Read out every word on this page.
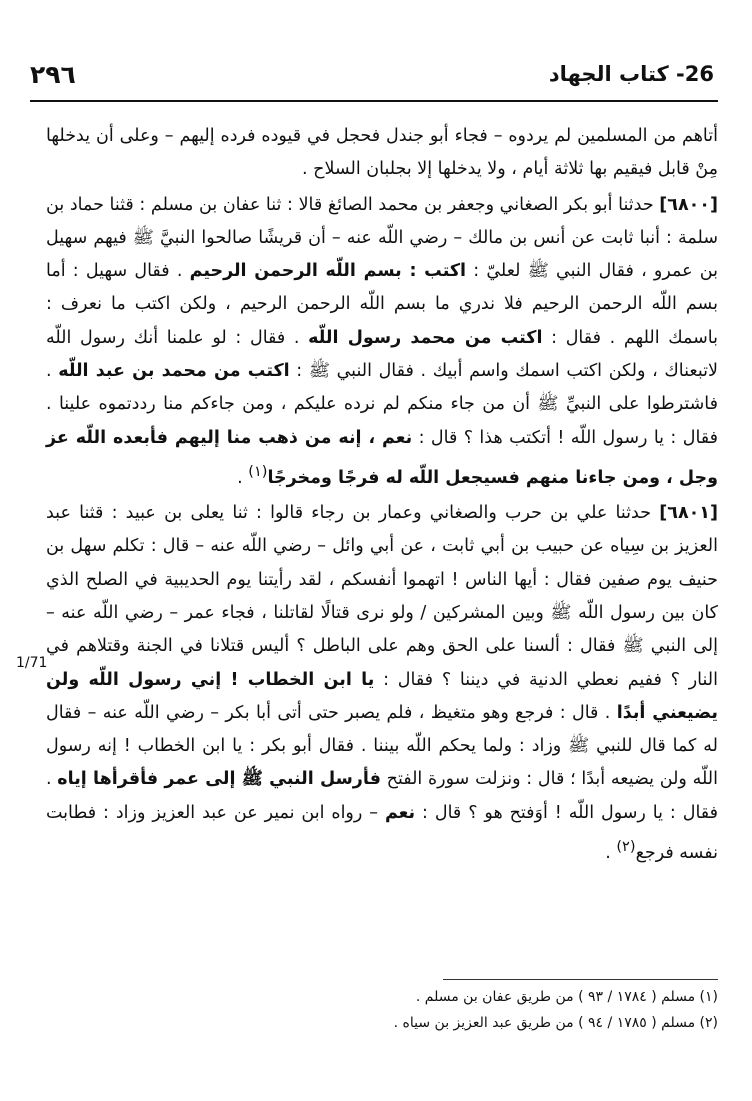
٢٩٦	26- كتاب الجهاد
1/71

أتاهم من المسلمين لم يردوه – فجاء أبو جندل فحجل في قيوده فرده إليهم – وعلى أن يدخلها مِنْ قابل فيقيم بها ثلاثة أيام ، ولا يدخلها إلا بجلبان السلاح .

[٦٨٠٠] حدثنا أبو بكر الصغاني وجعفر بن محمد الصائغ قالا : ثنا عفان بن مسلم : قثنا حماد بن سلمة : أنبا ثابت عن أنس بن مالك – رضي اللّه عنه – أن قريشًا صالحوا النبيَّ ﷺ فيهم سهيل بن عمرو ، فقال النبي ﷺ لعليّ : اكتب : بسم اللّه الرحمن الرحيم . فقال سهيل : أما بسم اللّه الرحمن الرحيم فلا ندري ما بسم اللّه الرحمن الرحيم ، ولكن اكتب ما نعرف : باسمك اللهم . فقال : اكتب من محمد رسول اللّه . فقال : لو علمنا أنك رسول اللّه لاتبعناك ، ولكن اكتب اسمك واسم أبيك . فقال النبي ﷺ : اكتب من محمد بن عبد اللّه . فاشترطوا على النبيِّ ﷺ أن من جاء منكم لم نرده عليكم ، ومن جاءكم منا رددتموه علينا . فقال : يا رسول اللّه ! أتكتب هذا ؟ قال : نعم ، إنه من ذهب منا إليهم فأبعده اللّه عز وجل ، ومن جاءنا منهم فسيجعل اللّه له فرجًا ومخرجًا$^{(١)}$ .

[٦٨٠١] حدثنا علي بن حرب والصغاني وعمار بن رجاء قالوا : ثنا يعلى بن عبيد : قثنا عبد العزيز بن سِياه عن حبيب بن أبي ثابت ، عن أبي وائل – رضي اللّه عنه – قال : تكلم سهل بن حنيف يوم صفين فقال : أيها الناس ! اتهموا أنفسكم ، لقد رأيتنا يوم الحديبية في الصلح الذي كان بين رسول اللّه ﷺ وبين المشركين / ولو نرى قتالًا لقاتلنا ، فجاء عمر – رضي اللّه عنه – إلى النبي ﷺ فقال : ألسنا على الحق وهم على الباطل ؟ أليس قتلانا في الجنة وقتلاهم في النار ؟ ففيم نعطي الدنية في ديننا ؟ فقال : يا ابن الخطاب ! إني رسول اللّه ولن يضيعني أبدًا . قال : فرجع وهو متغيظ ، فلم يصبر حتى أتى أبا بكر – رضي اللّه عنه – فقال له كما قال للنبي ﷺ وزاد : ولما يحكم اللّه بيننا . فقال أبو بكر : يا ابن الخطاب ! إنه رسول اللّه ولن يضيعه أبدًا ؛ قال : ونزلت سورة الفتح فأرسل النبي ﷺ إلى عمر فأقرأها إياه . فقال : يا رسول اللّه ! أوَفتح هو ؟ قال : نعم – رواه ابن نمير عن عبد العزيز وزاد : فطابت نفسه فرجع$^{(٢)}$ .

(١) مسلم ( ١٧٨٤ / ٩٣ ) من طريق عفان بن مسلم .
(٢) مسلم ( ١٧٨٥ / ٩٤ ) من طريق عبد العزيز بن سياه .
